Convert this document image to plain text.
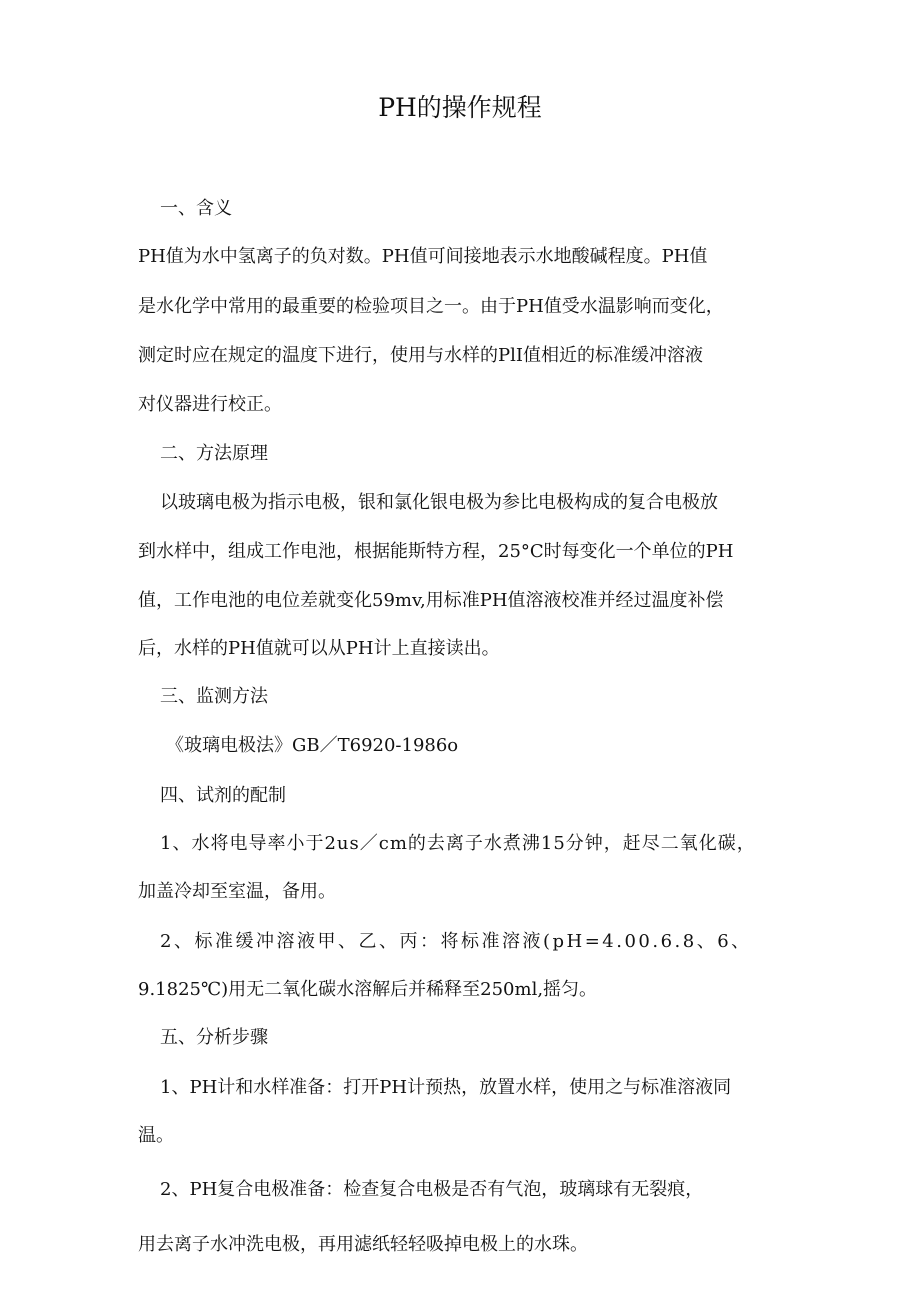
PH的操作规程
一、含义
PH值为水中氢离子的负对数。PH值可间接地表示水地酸碱程度。PH值
是水化学中常用的最重要的检验项目之一。由于PH值受水温影响而变化，
测定时应在规定的温度下进行，使用与水样的PlI值相近的标准缓冲溶液
对仪器进行校正。
二、方法原理
以玻璃电极为指示电极，银和氯化银电极为参比电极构成的复合电极放
到水样中，组成工作电池，根据能斯特方程，25°C时每变化一个单位的PH
值，工作电池的电位差就变化59mv,用标准PH值溶液校准并经过温度补偿
后，水样的PH值就可以从PH计上直接读出。
三、监测方法
《玻璃电极法》GB／T6920-1986o
四、试剂的配制
1、水将电导率小于2us／cm的去离子水煮沸15分钟，赶尽二氧化碳，
加盖冷却至室温，备用。
2、标准缓冲溶液甲、乙、丙：将标准溶液(pH=4.00.6.8、6、
9.1825℃)用无二氧化碳水溶解后并稀释至250ml,摇匀。
五、分析步骤
1、PH计和水样准备：打开PH计预热，放置水样，使用之与标准溶液同
温。
2、PH复合电极准备：检查复合电极是否有气泡，玻璃球有无裂痕，
用去离子水冲洗电极，再用滤纸轻轻吸掉电极上的水珠。
